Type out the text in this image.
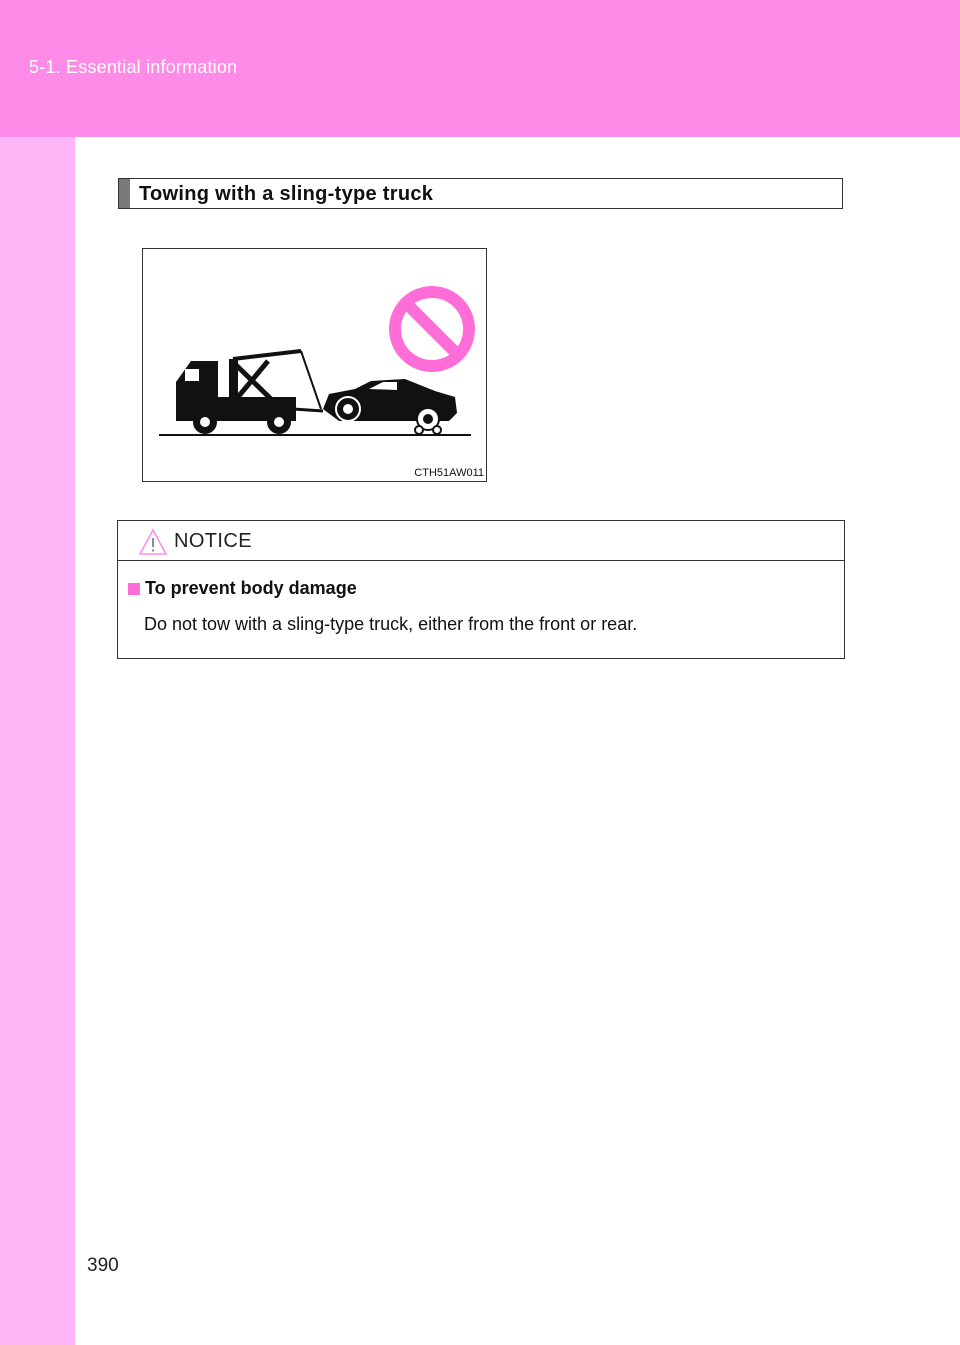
5-1. Essential information
Towing with a sling-type truck
CTH51AW011
NOTICE
To prevent body damage
Do not tow with a sling-type truck, either from the front or rear.
390
